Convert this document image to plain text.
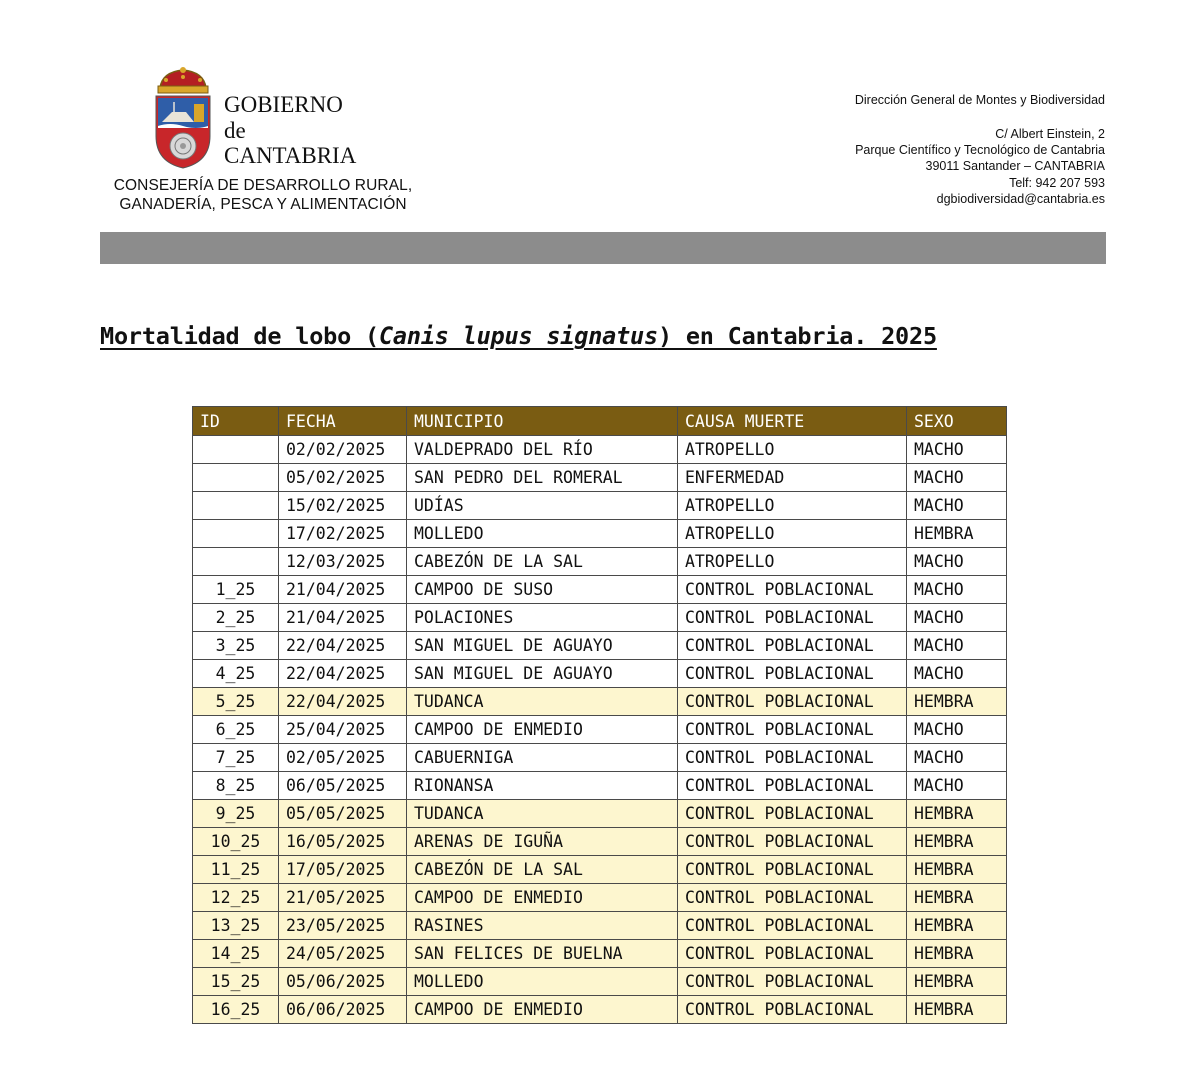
GOBIERNO
de
CANTABRIA
CONSEJERÍA DE DESARROLLO RURAL,
GANADERÍA, PESCA Y ALIMENTACIÓN
Dirección General de Montes y Biodiversidad
C/ Albert Einstein, 2
Parque Científico y Tecnológico de Cantabria
39011 Santander – CANTABRIA
Telf: 942 207 593
dgbiodiversidad@cantabria.es
Mortalidad de lobo (Canis lupus signatus) en Cantabria. 2025
ID	FECHA	MUNICIPIO	CAUSA MUERTE	SEXO
	02/02/2025	VALDEPRADO DEL RÍO	ATROPELLO	MACHO
	05/02/2025	SAN PEDRO DEL ROMERAL	ENFERMEDAD	MACHO
	15/02/2025	UDÍAS	ATROPELLO	MACHO
	17/02/2025	MOLLEDO	ATROPELLO	HEMBRA
	12/03/2025	CABEZÓN DE LA SAL	ATROPELLO	MACHO
1_25	21/04/2025	CAMPOO DE SUSO	CONTROL POBLACIONAL	MACHO
2_25	21/04/2025	POLACIONES	CONTROL POBLACIONAL	MACHO
3_25	22/04/2025	SAN MIGUEL DE AGUAYO	CONTROL POBLACIONAL	MACHO
4_25	22/04/2025	SAN MIGUEL DE AGUAYO	CONTROL POBLACIONAL	MACHO
5_25	22/04/2025	TUDANCA	CONTROL POBLACIONAL	HEMBRA
6_25	25/04/2025	CAMPOO DE ENMEDIO	CONTROL POBLACIONAL	MACHO
7_25	02/05/2025	CABUERNIGA	CONTROL POBLACIONAL	MACHO
8_25	06/05/2025	RIONANSA	CONTROL POBLACIONAL	MACHO
9_25	05/05/2025	TUDANCA	CONTROL POBLACIONAL	HEMBRA
10_25	16/05/2025	ARENAS DE IGUÑA	CONTROL POBLACIONAL	HEMBRA
11_25	17/05/2025	CABEZÓN DE LA SAL	CONTROL POBLACIONAL	HEMBRA
12_25	21/05/2025	CAMPOO DE ENMEDIO	CONTROL POBLACIONAL	HEMBRA
13_25	23/05/2025	RASINES	CONTROL POBLACIONAL	HEMBRA
14_25	24/05/2025	SAN FELICES DE BUELNA	CONTROL POBLACIONAL	HEMBRA
15_25	05/06/2025	MOLLEDO	CONTROL POBLACIONAL	HEMBRA
16_25	06/06/2025	CAMPOO DE ENMEDIO	CONTROL POBLACIONAL	HEMBRA
